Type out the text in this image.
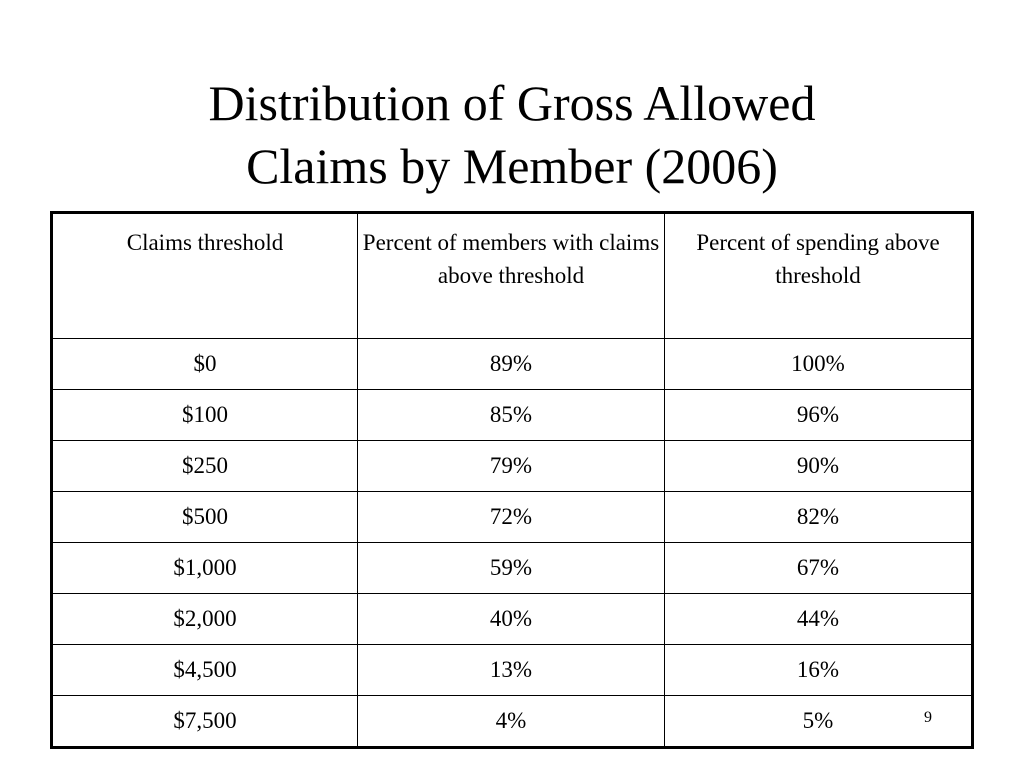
Distribution of Gross Allowed
Claims by Member (2006)
Claims threshold	Percent of members with claims above threshold	Percent of spending above threshold
$0	89%	100%
$100	85%	96%
$250	79%	90%
$500	72%	82%
$1,000	59%	67%
$2,000	40%	44%
$4,500	13%	16%
$7,500	4%	5%	9
